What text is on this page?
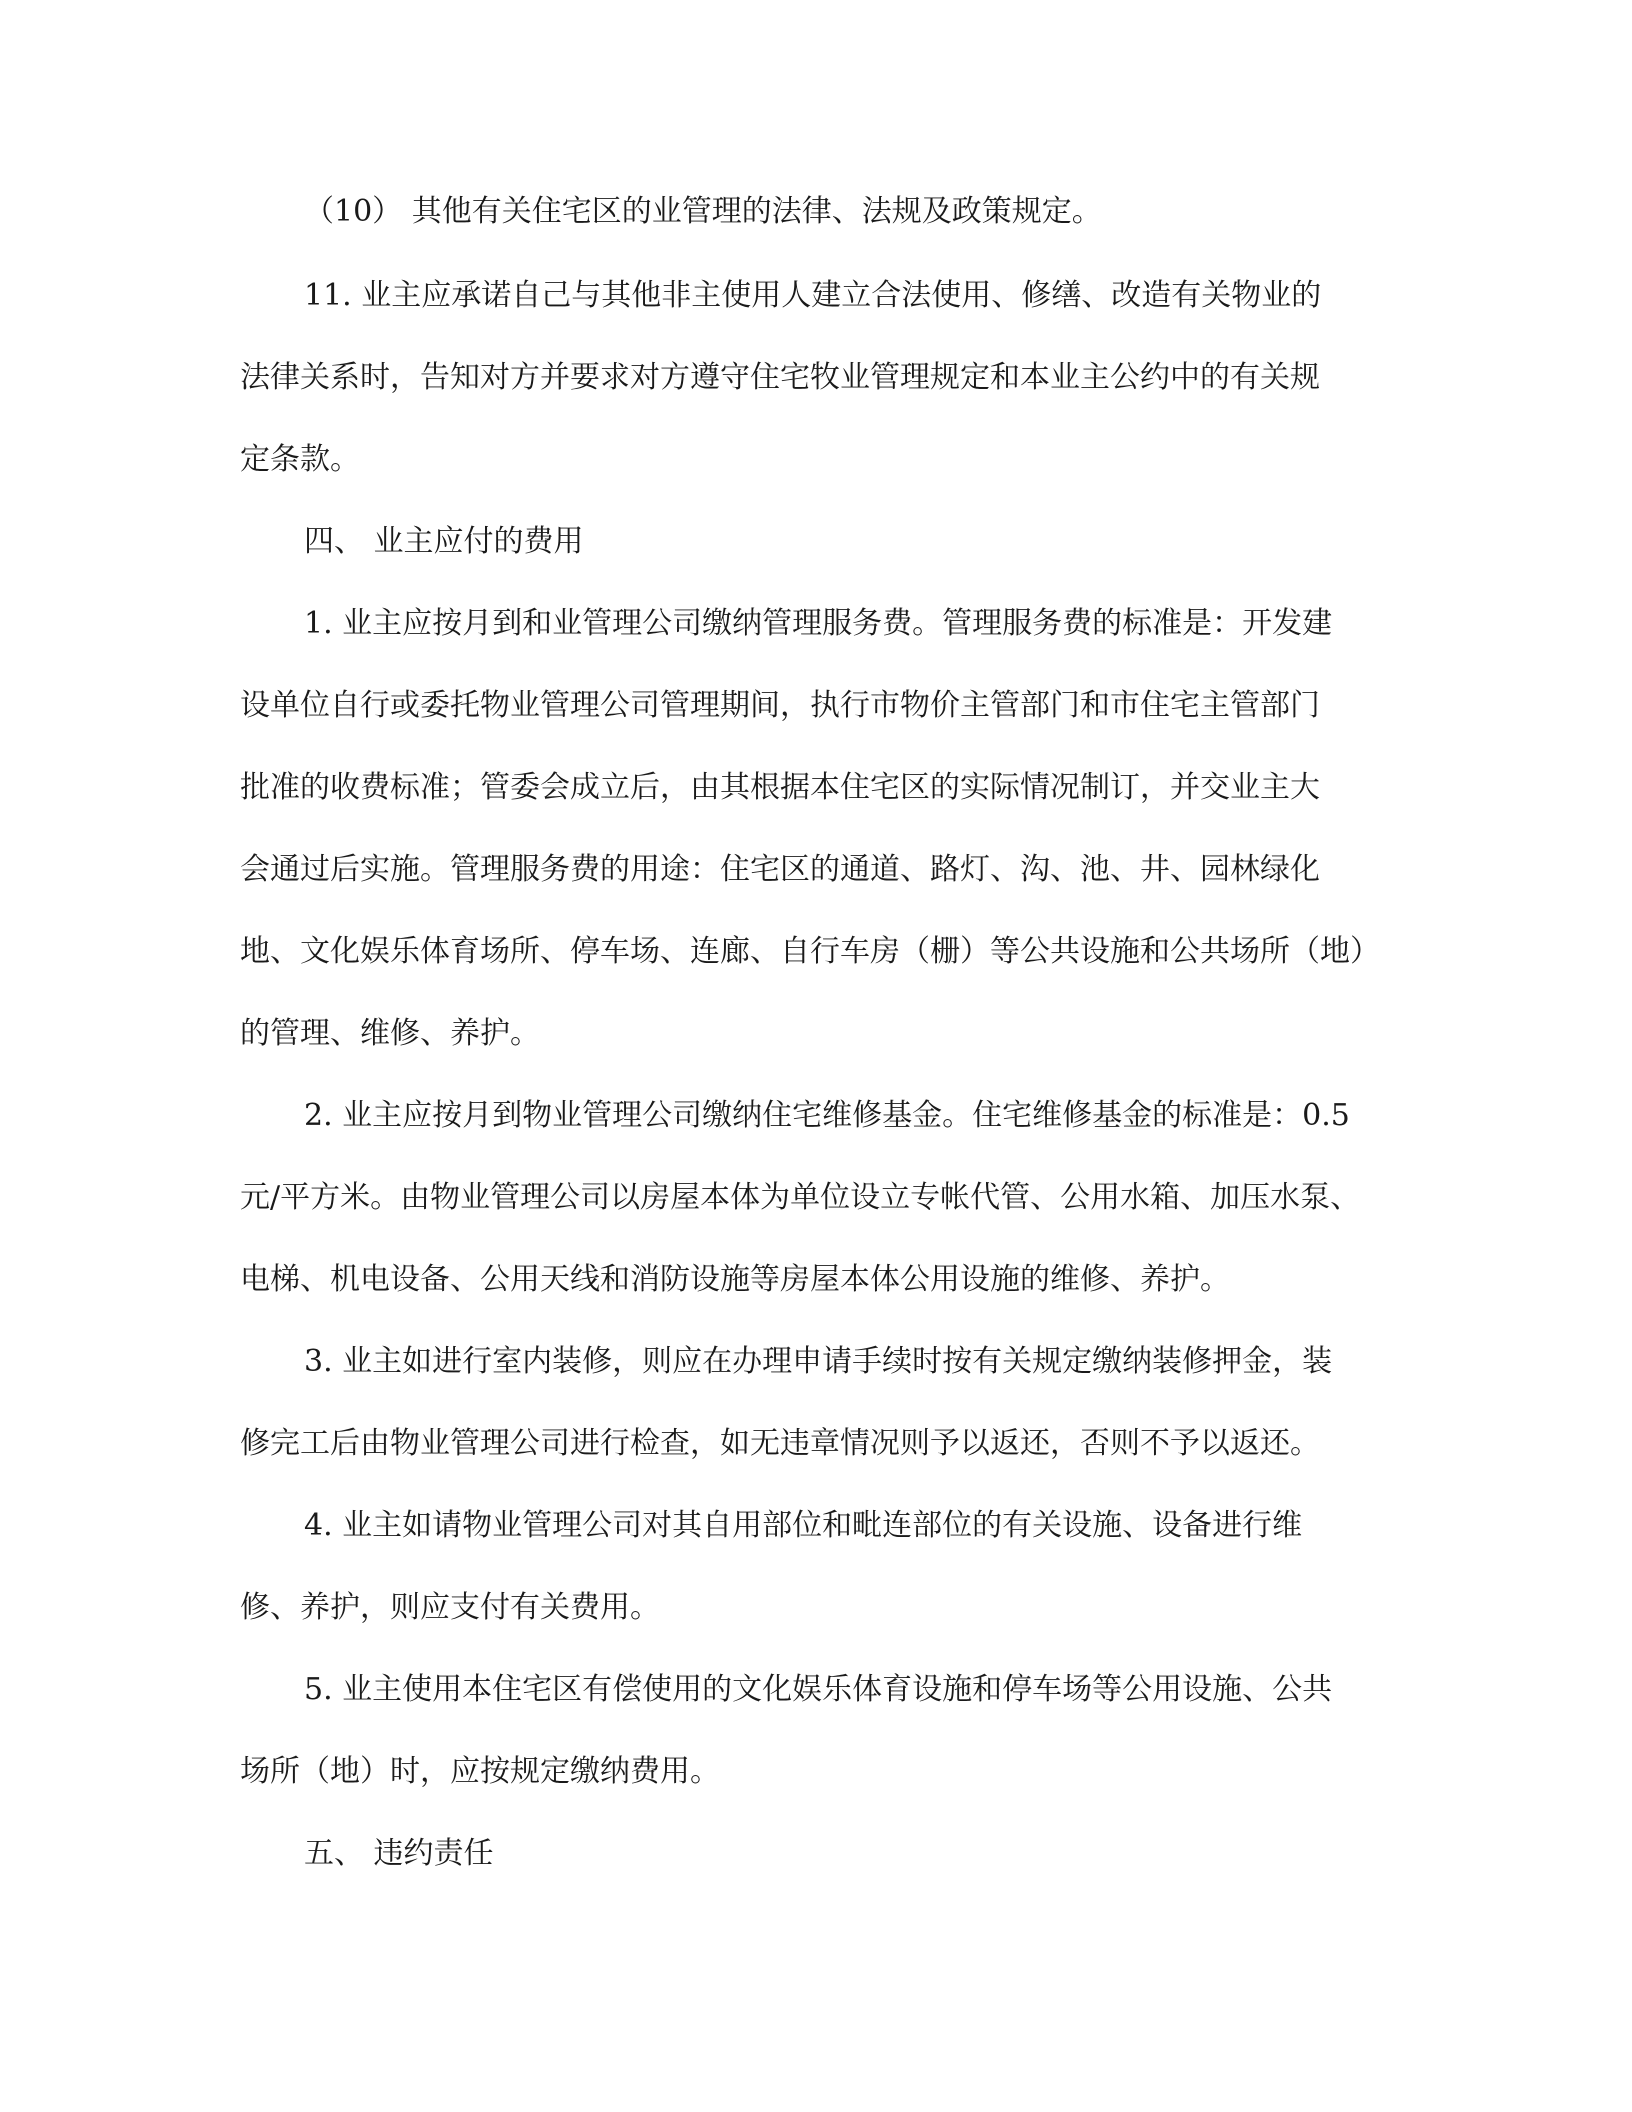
（10） 其他有关住宅区的业管理的法律、法规及政策规定。
11. 业主应承诺自己与其他非主使用人建立合法使用、修缮、改造有关物业的
法律关系时，告知对方并要求对方遵守住宅牧业管理规定和本业主公约中的有关规
定条款。
四、 业主应付的费用
1. 业主应按月到和业管理公司缴纳管理服务费。管理服务费的标准是：开发建
设单位自行或委托物业管理公司管理期间，执行市物价主管部门和市住宅主管部门
批准的收费标准；管委会成立后，由其根据本住宅区的实际情况制订，并交业主大
会通过后实施。管理服务费的用途：住宅区的通道、路灯、沟、池、井、园林绿化
地、文化娱乐体育场所、停车场、连廊、自行车房（栅）等公共设施和公共场所（地）
的管理、维修、养护。
2. 业主应按月到物业管理公司缴纳住宅维修基金。住宅维修基金的标准是：0.5
元/平方米。由物业管理公司以房屋本体为单位设立专帐代管、公用水箱、加压水泵、
电梯、机电设备、公用天线和消防设施等房屋本体公用设施的维修、养护。
3. 业主如进行室内装修，则应在办理申请手续时按有关规定缴纳装修押金，装
修完工后由物业管理公司进行检查，如无违章情况则予以返还，否则不予以返还。
4. 业主如请物业管理公司对其自用部位和毗连部位的有关设施、设备进行维
修、养护，则应支付有关费用。
5. 业主使用本住宅区有偿使用的文化娱乐体育设施和停车场等公用设施、公共
场所（地）时，应按规定缴纳费用。
五、 违约责任
